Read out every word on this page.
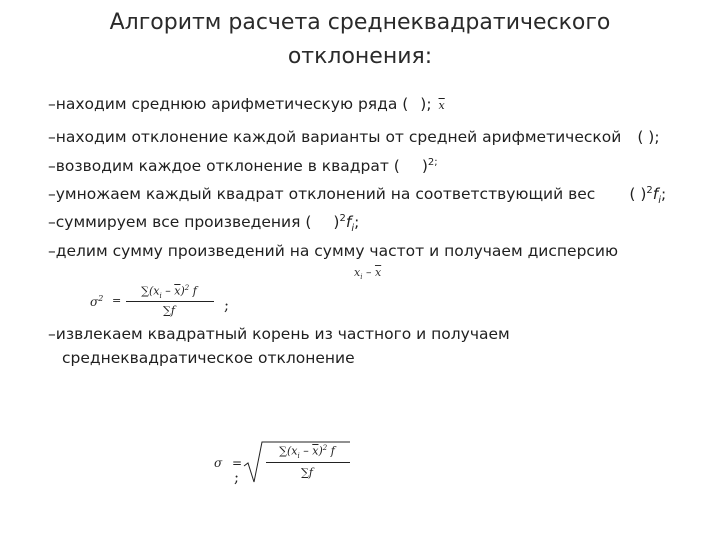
Алгоритм расчета среднеквадратического
отклонения:
–находим среднюю арифметическую ряда ( ); $\overline{x}$
–находим отклонение каждой варианты от средней арифметической ( );
–возводим каждое отклонение в квадрат ( )$^{2;}$
–умножаем каждый квадрат отклонений на соответствующий вес ( )$^2f_i$;
–суммируем все произведения ( )$^2f_i$;
–делим сумму произведений на сумму частот и получаем дисперсию
$x_i - \overline{x}$
$\sigma^2$ =
$\sum(x_i - \overline{x})^2$ f
∑f	;
–извлекаем квадратный корень из частного и получаем
среднеквадратическое отклонение
σ =
$\sum(x_i - \overline{x})^2$ f
∑f
;
